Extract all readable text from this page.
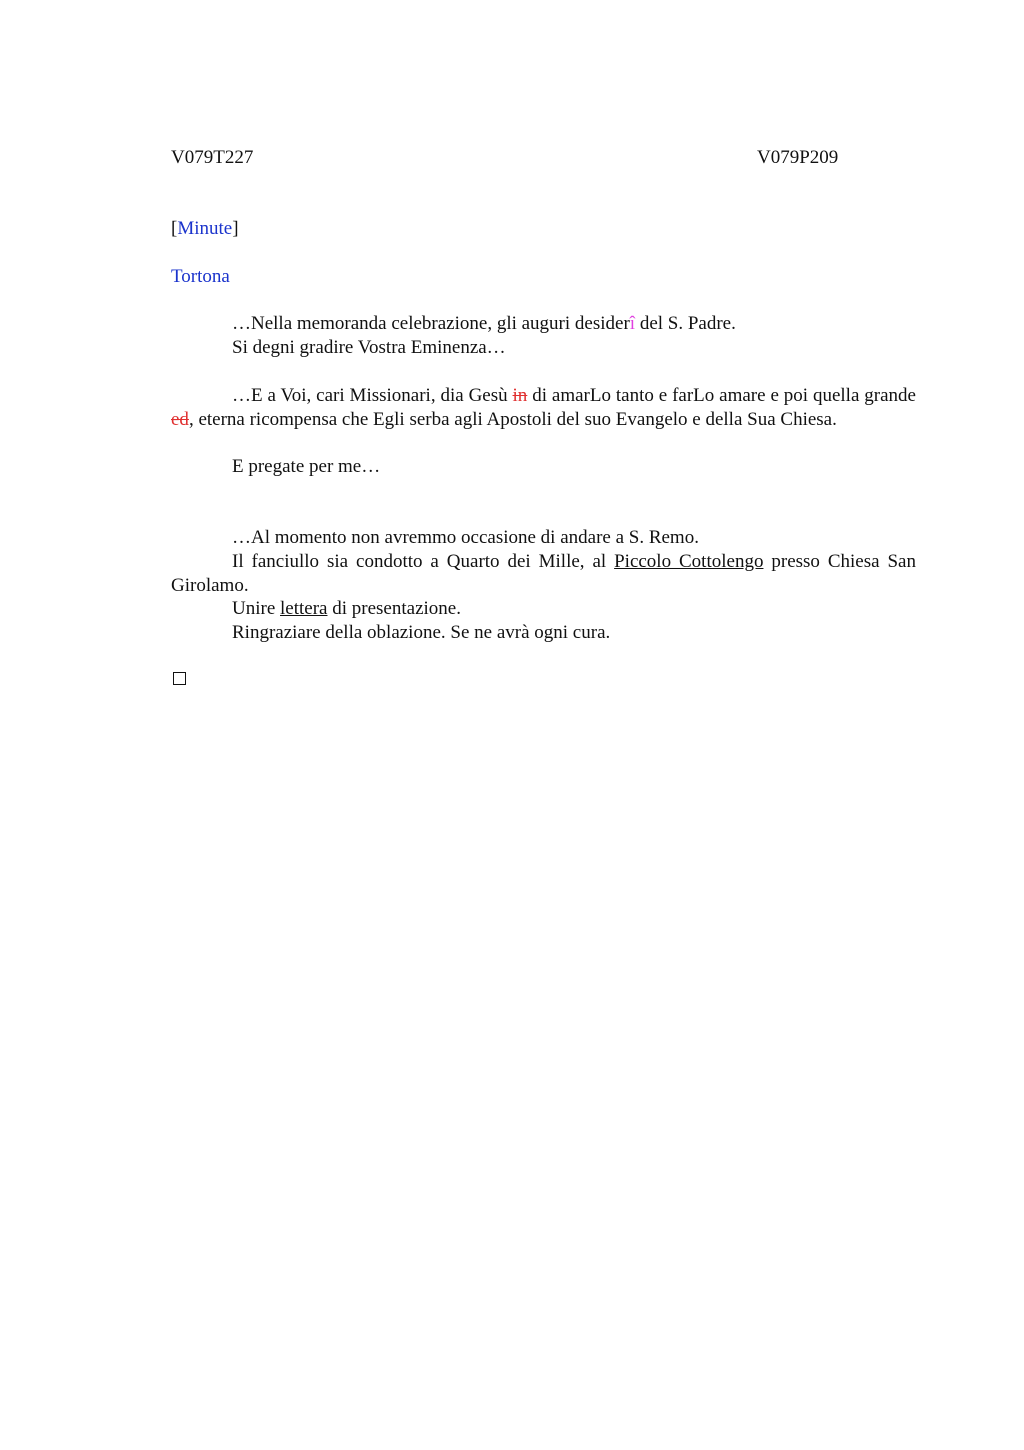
V079T227	V079P209
[Minute]
Tortona
…Nella memoranda celebrazione, gli auguri desiderî del S. Padre.
Si degni gradire Vostra Eminenza…
…E a Voi, cari Missionari, dia Gesù in di amarLo tanto e farLo amare e poi quella grande ed, eterna ricompensa che Egli serba agli Apostoli del suo Evangelo e della Sua Chiesa.
E pregate per me…
…Al momento non avremmo occasione di andare a S. Remo.
Il fanciullo sia condotto a Quarto dei Mille, al Piccolo Cottolengo presso Chiesa San Girolamo.
Unire lettera di presentazione.
Ringraziare della oblazione. Se ne avrà ogni cura.
